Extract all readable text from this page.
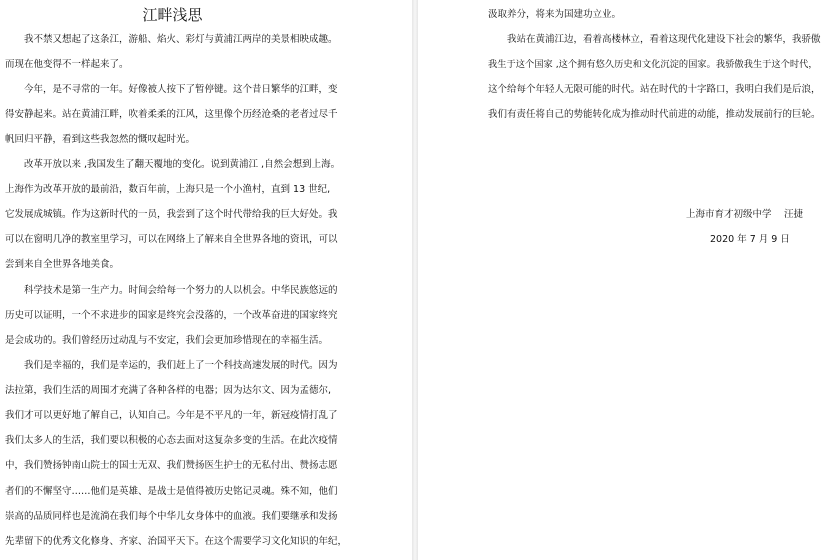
江畔浅思
我不禁又想起了这条江，游船、焰火、彩灯与黄浦江两岸的美景相映成趣。
而现在他变得不一样起来了。
今年，是不寻常的一年。好像被人按下了暂停键。这个昔日繁华的江畔，变
得安静起来。站在黄浦江畔，吹着柔柔的江风，这里像个历经沧桑的老者过尽千
帆回归平静，看到这些我忽然的慨叹起时光。
改革开放以来 ,我国发生了翻天覆地的变化。说到黄浦江 ,自然会想到上海。
上海作为改革开放的最前沿，数百年前，上海只是一个小渔村，直到 13 世纪,
它发展成城镇。作为这新时代的一员，我尝到了这个时代带给我的巨大好处。我
可以在窗明几净的教室里学习，可以在网络上了解来自全世界各地的资讯，可以
尝到来自全世界各地美食。
科学技术是第一生产力。时间会给每一个努力的人以机会。中华民族悠远的
历史可以证明，一个不求进步的国家是终究会没落的，一个改革奋进的国家终究
是会成功的。我们曾经历过动乱与不安定，我们会更加珍惜现在的幸福生活。
我们是幸福的，我们是幸运的，我们赶上了一个科技高速发展的时代。因为
法拉第，我们生活的周围才充满了各种各样的电器；因为达尔文、因为孟德尔,
我们才可以更好地了解自己，认知自己。今年是不平凡的一年，新冠疫情打乱了
我们太多人的生活，我们要以积极的心态去面对这复杂多变的生活。在此次疫情
中，我们赞扬钟南山院士的国士无双、我们赞扬医生护士的无私付出、赞扬志愿
者们的不懈坚守……他们是英雄、是战士是值得被历史铭记灵魂。殊不知，他们
崇高的品质同样也是流淌在我们每个中华儿女身体中的血液。我们要继承和发扬
先辈留下的优秀文化修身、齐家、治国平天下。在这个需要学习文化知识的年纪，
汲取养分，将来为国建功立业。
我站在黄浦江边，看着高楼林立，看着这现代化建设下社会的繁华，我骄傲
我生于这个国家 ,这个拥有悠久历史和文化沉淀的国家。我骄傲我生于这个时代，
这个给每个年轻人无限可能的时代。站在时代的十字路口，我明白我们是后浪，
我们有责任将自己的势能转化成为推动时代前进的动能，推动发展前行的巨轮。
上海市育才初级中学　 汪捷
2020 年 7 月 9 日
